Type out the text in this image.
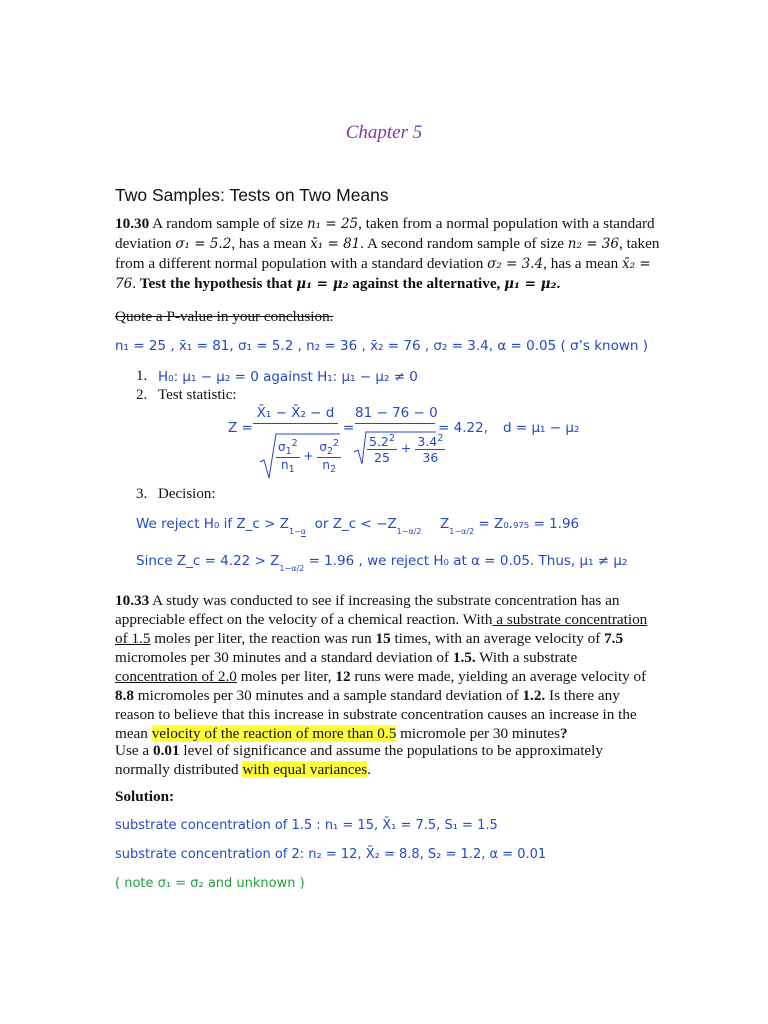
Chapter 5
Two Samples: Tests on Two Means
10.30 A random sample of size n₁ = 25, taken from a normal population with a standard deviation σ₁ = 5.2, has a mean x̄₁ = 81. A second random sample of size n₂ = 36, taken from a different normal population with a standard deviation σ₂ = 3.4, has a mean x̄₂ = 76. Test the hypothesis that μ₁ = μ₂ against the alternative, μ₁ = μ₂.
Quote a P-value in your conclusion.
n₁ = 25 , x̄₁ = 81, σ₁ = 5.2 , n₂ = 36 , x̄₂ = 76 , σ₂ = 3.4, α = 0.05 ( σ’s known )
1. H₀: μ₁ − μ₂ = 0 against H₁: μ₁ − μ₂ ≠ 0
2. Test statistic:
Z =
X̄₁ − X̄₂ − d
$\frac{\sigma_1^2}{n_1} + \frac{\sigma_2^2}{n_2}$
=
81 − 76 − 0
$\frac{5.2^2}{25} + \frac{3.4^2}{36}$
= 4.22, d = μ₁ − μ₂
3. Decision:
We reject H₀ if Z_c > Z 1−α or Z_c < −Z 1−α/2 Z 1−α/2 = Z₀.₉₇₅ = 1.96
Since Z_c = 4.22 > Z 1−α/2 = 1.96 , we reject H₀ at α = 0.05. Thus, μ₁ ≠ μ₂
10.33 A study was conducted to see if increasing the substrate concentration has an appreciable effect on the velocity of a chemical reaction. With a substrate concentration of 1.5 moles per liter, the reaction was run 15 times, with an average velocity of 7.5 micromoles per 30 minutes and a standard deviation of 1.5. With a substrate concentration of 2.0 moles per liter, 12 runs were made, yielding an average velocity of 8.8 micromoles per 30 minutes and a sample standard deviation of 1.2. Is there any reason to believe that this increase in substrate concentration causes an increase in the mean velocity of the reaction of more than 0.5 micromole per 30 minutes?
Use a 0.01 level of significance and assume the populations to be approximately normally distributed with equal variances.
Solution:
substrate concentration of 1.5 : n₁ = 15, X̄₁ = 7.5, S₁ = 1.5
substrate concentration of 2: n₂ = 12, X̄₂ = 8.8, S₂ = 1.2, α = 0.01
( note σ₁ = σ₂ and unknown )
